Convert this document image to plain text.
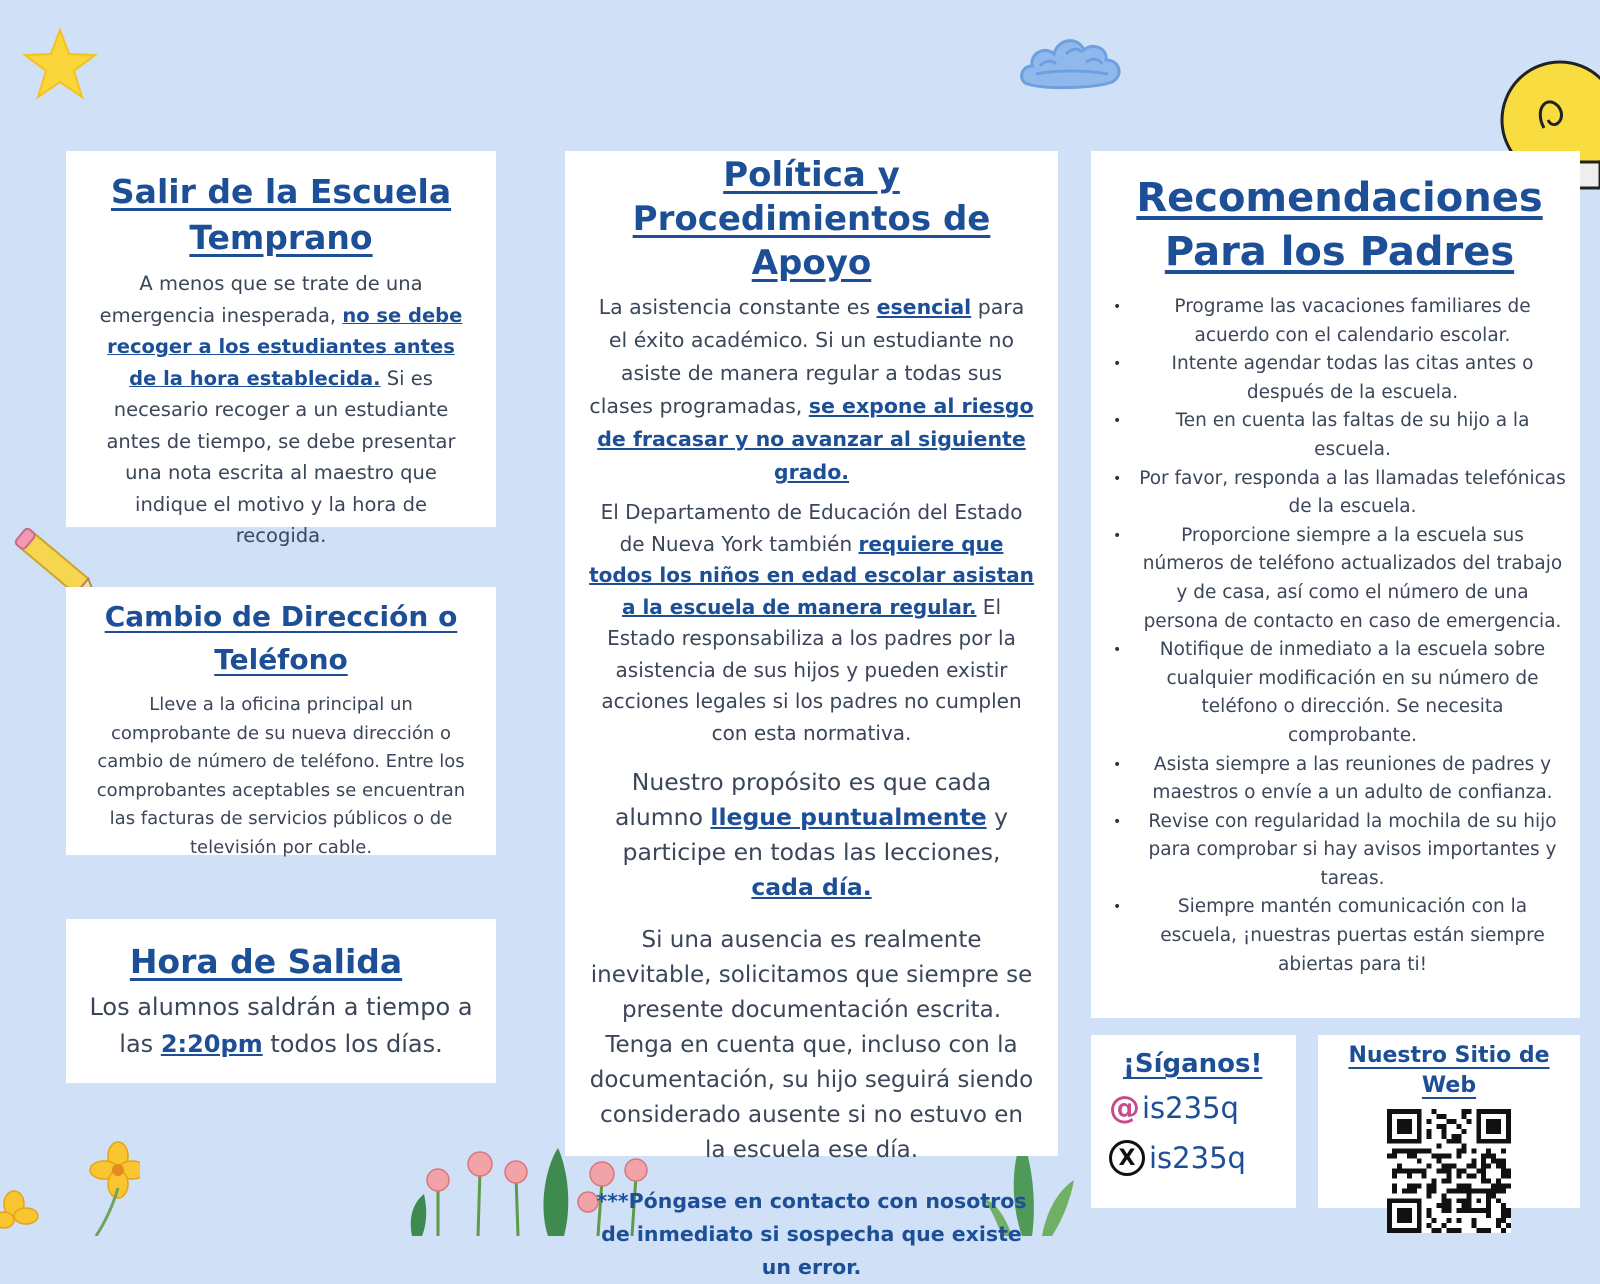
Salir de la Escuela Temprano

A menos que se trate de una emergencia inesperada, no se debe recoger a los estudiantes antes de la hora establecida. Si es necesario recoger a un estudiante antes de tiempo, se debe presentar una nota escrita al maestro que indique el motivo y la hora de recogida.

Cambio de Dirección o Teléfono

Lleve a la oficina principal un comprobante de su nueva dirección o cambio de número de teléfono. Entre los comprobantes aceptables se encuentran las facturas de servicios públicos o de televisión por cable.

Hora de Salida

Los alumnos saldrán a tiempo a las 2:20pm todos los días.

Política y Procedimientos de Apoyo

La asistencia constante es esencial para el éxito académico. Si un estudiante no asiste de manera regular a todas sus clases programadas, se expone al riesgo de fracasar y no avanzar al siguiente grado.

El Departamento de Educación del Estado de Nueva York también requiere que todos los niños en edad escolar asistan a la escuela de manera regular. El Estado responsabiliza a los padres por la asistencia de sus hijos y pueden existir acciones legales si los padres no cumplen con esta normativa.

Nuestro propósito es que cada alumno llegue puntualmente y participe en todas las lecciones, cada día.

Si una ausencia es realmente inevitable, solicitamos que siempre se presente documentación escrita. Tenga en cuenta que, incluso con la documentación, su hijo seguirá siendo considerado ausente si no estuvo en la escuela ese día.

***Póngase en contacto con nosotros de inmediato si sospecha que existe un error.

Recomendaciones Para los Padres
•	Programe las vacaciones familiares de acuerdo con el calendario escolar.
•	Intente agendar todas las citas antes o después de la escuela.
•	Ten en cuenta las faltas de su hijo a la escuela.
• Por favor, responda a las llamadas telefónicas de la escuela.
•	Proporcione siempre a la escuela sus números de teléfono actualizados del trabajo y de casa, así como el número de una persona de contacto en caso de emergencia.
• Notifique de inmediato a la escuela sobre cualquier modificación en su número de teléfono o dirección. Se necesita comprobante.
• Asista siempre a las reuniones de padres y maestros o envíe a un adulto de confianza.
• Revise con regularidad la mochila de su hijo para comprobar si hay avisos importantes y tareas.
•	Siempre mantén comunicación con la escuela, ¡nuestras puertas están siempre abiertas para ti!
¡Síganos!
@ is235q
X is235q
Nuestro Sitio de Web
